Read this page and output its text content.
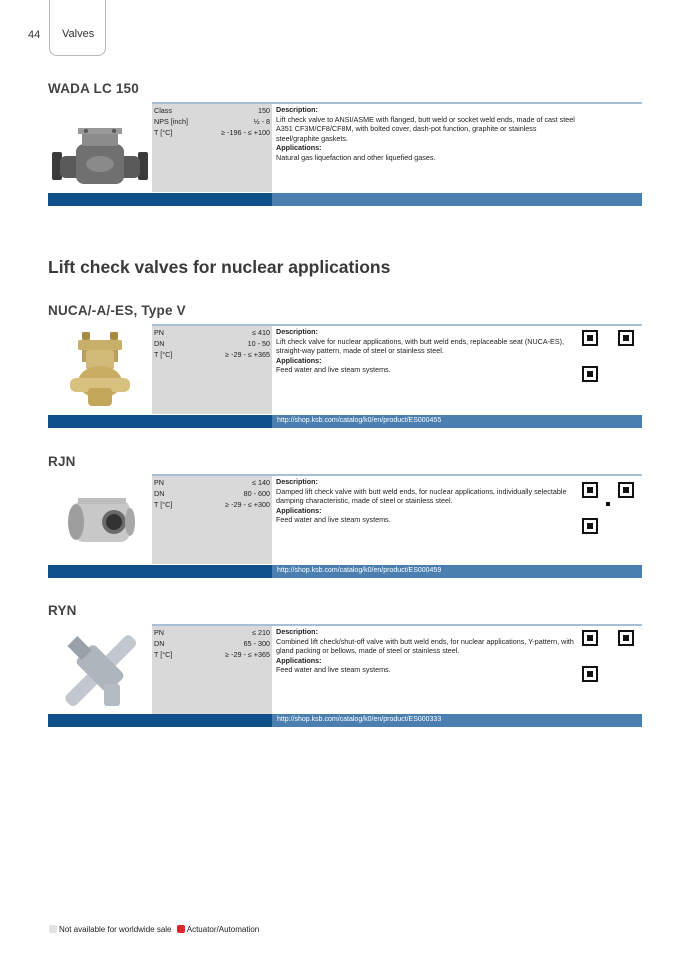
44 Valves
WADA LC 150
Class	150
NPS [inch]	½ - 8
T [°C]	≥ -196 - ≤ +100
Description:
Lift check valve to ANSI/ASME with flanged, butt weld or socket weld ends, made of cast steel A351 CF3M/CF8/CF8M, with bolted cover, dash-pot function, graphite or stainless steel/graphite gaskets.
Applications:
Natural gas liquefaction and other liquefied gases.
Lift check valves for nuclear applications
NUCA/-A/-ES, Type V
PN	≤ 410
DN	10 - 50
T [°C]	≥ -29 - ≤ +365
Description:
Lift check valve for nuclear applications, with butt weld ends, replaceable seat (NUCA-ES), straight-way pattern, made of steel or stainless steel.
Applications:
Feed water and live steam systems.
http://shop.ksb.com/catalog/k0/en/product/ES000455
RJN
PN	≤ 140
DN	80 - 600
T [°C]	≥ -29 - ≤ +300
Description:
Damped lift check valve with butt weld ends, for nuclear applications, individually selectable damping characteristic, made of steel or stainless steel.
Applications:
Feed water and live steam systems.
http://shop.ksb.com/catalog/k0/en/product/ES000459
RYN
PN	≤ 210
DN	65 - 300
T [°C]	≥ -29 - ≤ +365
Description:
Combined lift check/shut-off valve with butt weld ends, for nuclear applications, Y-pattern, with gland packing or bellows, made of steel or stainless steel.
Applications:
Feed water and live steam systems.
http://shop.ksb.com/catalog/k0/en/product/ES000333
Not available for worldwide sale Actuator/Automation
